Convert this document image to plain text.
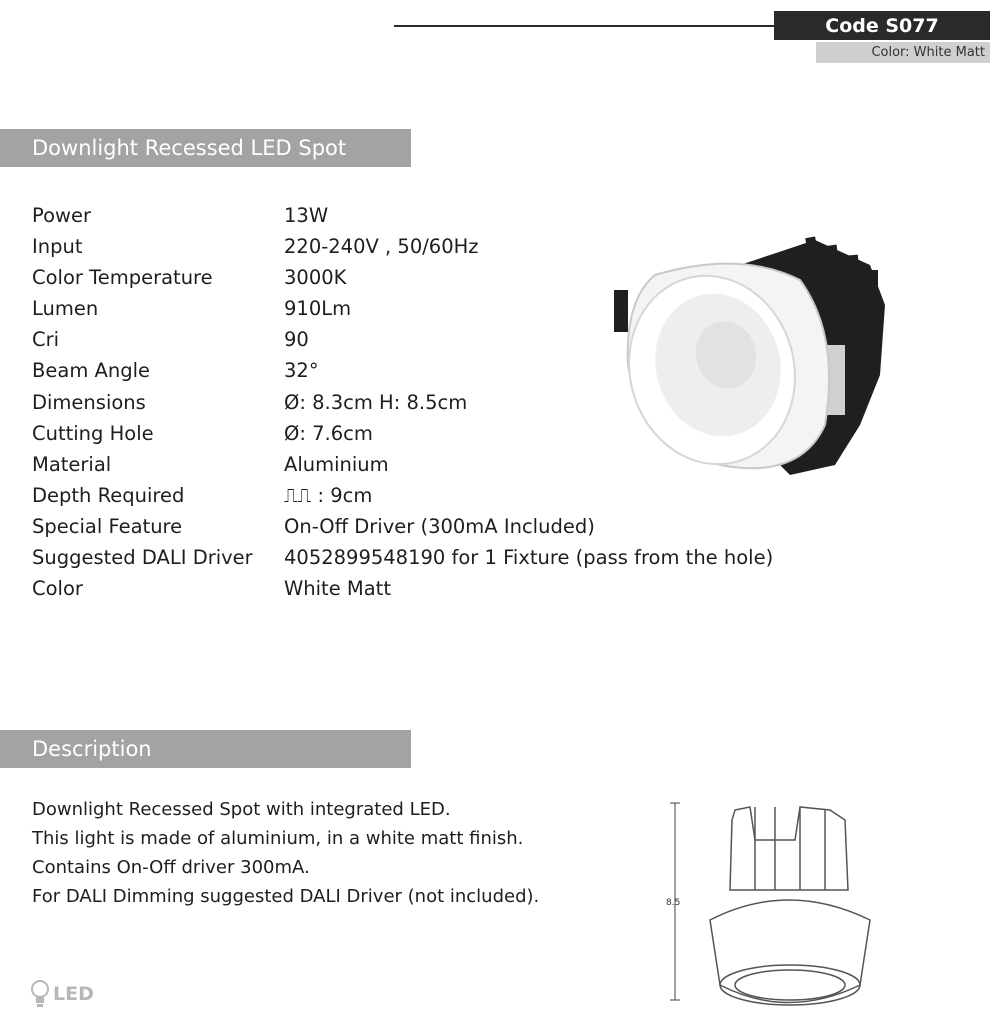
Code S077
Color: White Matt
Downlight Recessed LED Spot
Power	13W
Input	220-240V , 50/60Hz
Color Temperature	3000K
Lumen	910Lm
Cri	90
Beam Angle	32°
Dimensions	Ø: 8.3cm H: 8.5cm
Cutting Hole	Ø: 7.6cm
Material	Aluminium
Depth Required	⎍⎍ : 9cm
Special Feature	On-Off Driver (300mA Included)
Suggested DALI Driver 4052899548190 for 1 Fixture (pass from the hole)
Color	White Matt
Description
Downlight Recessed Spot with integrated LED.
This light is made of aluminium, in a white matt finish.
Contains On-Off driver 300mA.
For DALI Dimming suggested DALI Driver (not included).	8.5
LED
